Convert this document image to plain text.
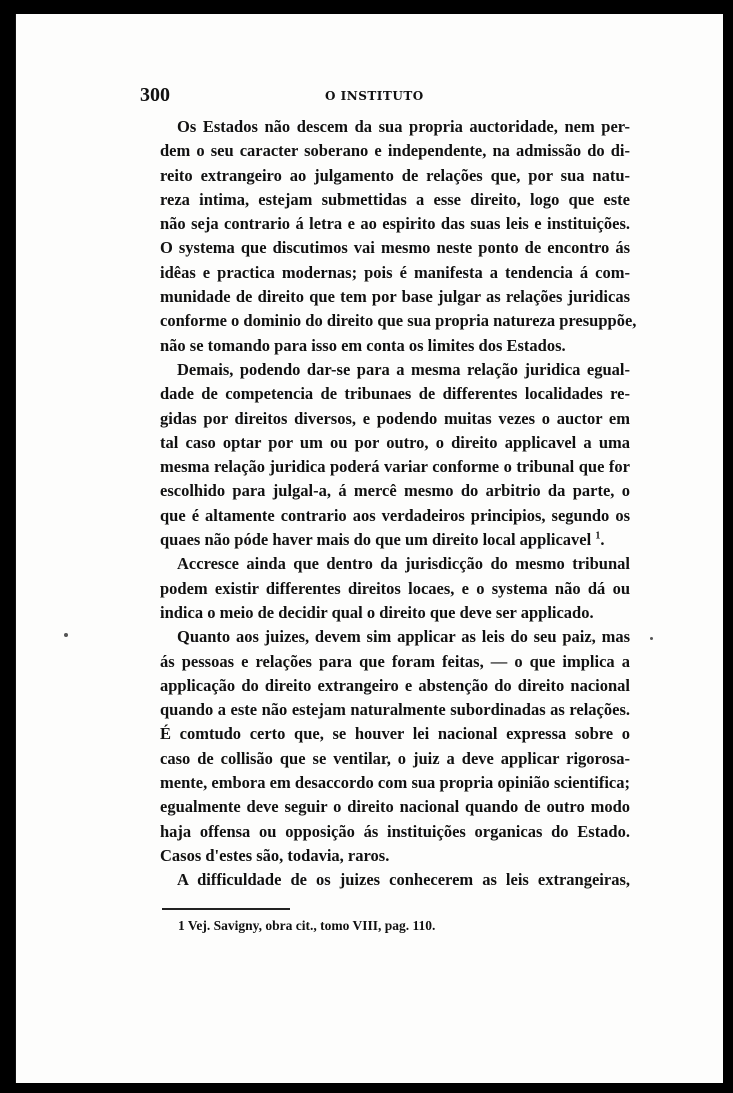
300	O INSTITUTO
Os Estados não descem da sua propria auctoridade, nem per-
dem o seu caracter soberano e independente, na admissão do di-
reito extrangeiro ao julgamento de relações que, por sua natu-
reza intima, estejam submettidas a esse direito, logo que este
não seja contrario á letra e ao espirito das suas leis e instituições.
O systema que discutimos vai mesmo neste ponto de encontro ás
idêas e practica modernas; pois é manifesta a tendencia á com-
munidade de direito que tem por base julgar as relações juridicas
conforme o dominio do direito que sua propria natureza presuppõe,
não se tomando para isso em conta os limites dos Estados.
Demais, podendo dar-se para a mesma relação juridica egual-
dade de competencia de tribunaes de differentes localidades re-
gidas por direitos diversos, e podendo muitas vezes o auctor em
tal caso optar por um ou por outro, o direito applicavel a uma
mesma relação juridica poderá variar conforme o tribunal que for
escolhido para julgal-a, á mercê mesmo do arbitrio da parte, o
que é altamente contrario aos verdadeiros principios, segundo os
quaes não póde haver mais do que um direito local applicavel $^1$.
Accresce ainda que dentro da jurisdicção do mesmo tribunal
podem existir differentes direitos locaes, e o systema não dá ou
indica o meio de decidir qual o direito que deve ser applicado.
Quanto aos juizes, devem sim applicar as leis do seu paiz, mas
ás pessoas e relações para que foram feitas, — o que implica a
applicação do direito extrangeiro e abstenção do direito nacional
quando a este não estejam naturalmente subordinadas as relações.
É comtudo certo que, se houver lei nacional expressa sobre o
caso de collisão que se ventilar, o juiz a deve applicar rigorosa-
mente, embora em desaccordo com sua propria opinião scientifica;
egualmente deve seguir o direito nacional quando de outro modo
haja offensa ou opposição ás instituições organicas do Estado.
Casos d'estes são, todavia, raros.
A difficuldade de os juizes conhecerem as leis extrangeiras,
1 Vej. Savigny, obra cit., tomo VIII, pag. 110.
